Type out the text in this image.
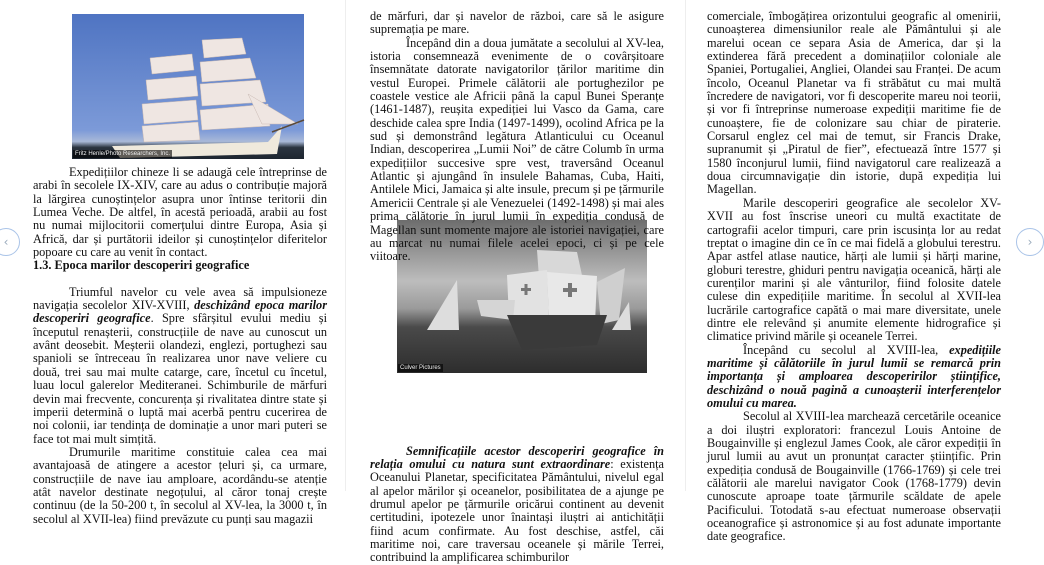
Fritz Henle/Photo Researchers, Inc.
Culver Pictures

Expedițiilor chineze li se adaugă cele întreprinse de arabi în secolele IX-XIV, care au adus o contribuție majoră la lărgirea cunoștințelor asupra unor întinse teritorii din Lumea Veche. De altfel, în acestă perioadă, arabii au fost nu numai mijlocitorii comerțului dintre Europa, Asia și Africă, dar și purtătorii ideilor și cunoștințelor diferitelor popoare cu care au venit în contact.

1.3. Epoca marilor descoperiri geografice

Triumful navelor cu vele avea să impulsioneze navigația secolelor XIV-XVIII, deschizând epoca marilor descoperiri geografice. Spre sfârșitul evului mediu și începutul renașterii, construcțiile de nave au cunoscut un avânt deosebit. Meșterii olandezi, englezi, portughezi sau spanioli se întreceau în realizarea unor nave veliere cu două, trei sau mai multe catarge, care, încetul cu încetul, luau locul galerelor Mediteranei. Schimburile de mărfuri devin mai frecvente, concurența și rivalitatea dintre state și imperii determină o luptă mai acerbă pentru cucerirea de noi colonii, iar tendința de dominație a unor mari puteri se face tot mai mult simțită.

Drumurile maritime constituie calea cea mai avantajoasă de atingere a acestor țeluri și, ca urmare, construcțiile de nave iau amploare, acordându-se atenție atât navelor destinate negoțului, al căror tonaj crește continuu (de la 50-200 t, în secolul al XV-lea, la 3000 t, în secolul al XVII-lea) fiind prevăzute cu punți sau magazii

de mărfuri, dar și navelor de război, care să le asigure supremația pe mare.

Începând din a doua jumătate a secolului al XV-lea, istoria consemnează evenimente de o covârșitoare însemnătate datorate navigatorilor țărilor maritime din vestul Europei. Primele călătorii ale portughezilor pe coastele vestice ale Africii până la capul Bunei Speranțe (1461-1487), reușita expediției lui Vasco da Gama, care deschide calea spre India (1497-1499), ocolind Africa pe la sud și demonstrând legătura Atlanticului cu Oceanul Indian, descoperirea „Lumii Noi” de către Columb în urma expedițiilor succesive spre vest, traversând Oceanul Atlantic și ajungând în insulele Bahamas, Cuba, Haiti, Antilele Mici, Jamaica și alte insule, precum și pe țărmurile Americii Centrale și ale Venezuelei (1492-1498) și mai ales prima călătorie în jurul lumii în expediția condusă de Magellan sunt momente majore ale istoriei navigației, care au marcat nu numai filele acelei epoci, ci și pe cele viitoare.

Semnificațiile acestor descoperiri geografice în relația omului cu natura sunt extraordinare: existența Oceanului Planetar, specificitatea Pământului, nivelul egal al apelor mărilor și oceanelor, posibilitatea de a ajunge pe drumul apelor pe țărmurile oricărui continent au devenit certitudini, ipotezele unor înaintași iluștri ai antichității fiind acum confirmate. Au fost deschise, astfel, căi maritime noi, care traversau oceanele și mările Terrei, contribuind la amplificarea schimburilor

comerciale, îmbogățirea orizontului geografic al omenirii, cunoașterea dimensiunilor reale ale Pământului și ale marelui ocean ce separa Asia de America, dar și la extinderea fără precedent a dominațiilor coloniale ale Spaniei, Portugaliei, Angliei, Olandei sau Franței. De acum încolo, Oceanul Planetar va fi străbătut cu mai multă încredere de navigatori, vor fi descoperite mareu noi teorii, și vor fi întreprinse numeroase expediții maritime fie de cunoaștere, fie de colonizare sau chiar de piraterie. Corsarul englez cel mai de temut, sir Francis Drake, supranumit și „Piratul de fier”, efectuează între 1577 și 1580 înconjurul lumii, fiind navigatorul care realizează a doua circumnavigație din istorie, după expediția lui Magellan.

Marile descoperiri geografice ale secolelor XV-XVII au fost înscrise uneori cu multă exactitate de cartografii acelor timpuri, care prin iscusința lor au redat treptat o imagine din ce în ce mai fidelă a globului terestru. Apar astfel atlase nautice, hărți ale lumii și hărți marine, globuri terestre, ghiduri pentru navigația oceanică, hărți ale curenților marini și ale vânturilor, fiind folosite datele culese din expedițiile maritime. În secolul al XVII-lea lucrările cartografice capătă o mai mare diversitate, unele dintre ele relevând și anumite elemente hidrografice și climatice privind mările și oceanele Terrei.

Începând cu secolul al XVIII-lea, expedițiile maritime și călătoriile în jurul lumii se remarcă prin importanța și amploarea descoperirilor științifice, deschizând o nouă pagină a cunoașterii interferențelor omului cu marea.

Secolul al XVIII-lea marchează cercetările oceanice a doi iluștri exploratori: francezul Louis Antoine de Bougainville și englezul James Cook, ale căror expediții în jurul lumii au avut un pronunțat caracter științific. Prin expediția condusă de Bougainville (1766-1769) și cele trei călătorii ale marelui navigator Cook (1768-1779) devin cunoscute aproape toate țărmurile scăldate de apele Pacificului. Totodată s-au efectuat numeroase observații oceanografice și astronomice și au fost adunate importante date geografice.

‹	›
